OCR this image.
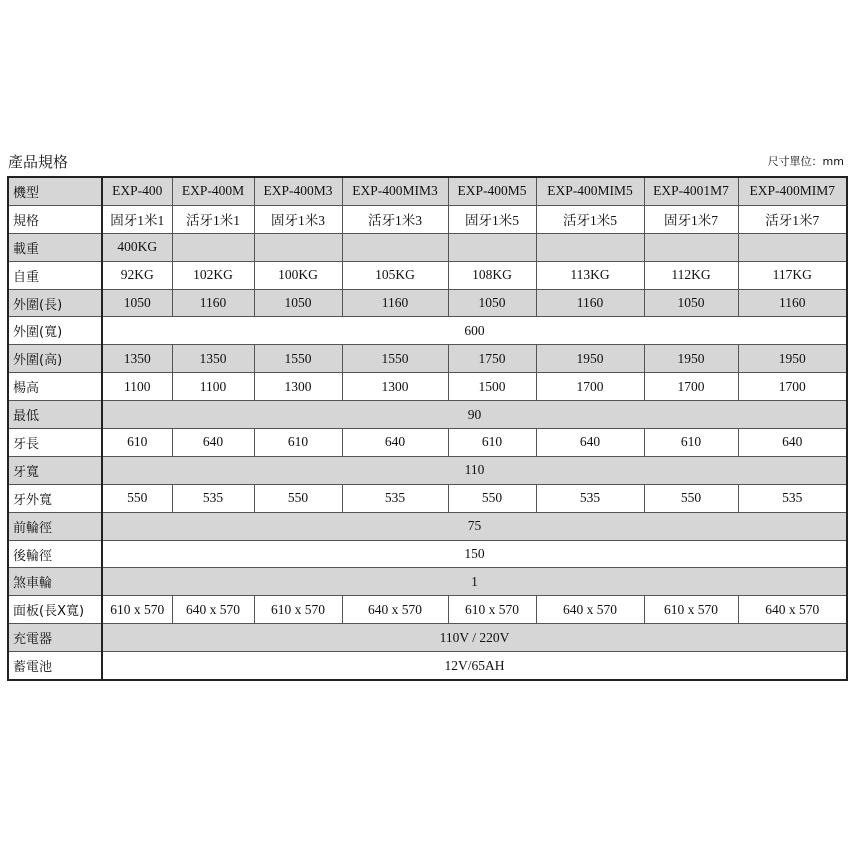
產品規格	尺寸單位：mm
機型	EXP-400	EXP-400M	EXP-400M3	EXP-400MIM3	EXP-400M5	EXP-400MIM5	EXP-4001M7	EXP-400MIM7
規格	固牙1米1	活牙1米1	固牙1米3	活牙1米3	固牙1米5	活牙1米5	固牙1米7	活牙1米7
載重	400KG							
自重	92KG	102KG	100KG	105KG	108KG	113KG	112KG	117KG
外圍(長)	1050	1160	1050	1160	1050	1160	1050	1160
外圍(寬)	600							
外圍(高)	1350	1350	1550	1550	1750	1950	1950	1950
楊高	1100	1100	1300	1300	1500	1700	1700	1700
最低	90							
牙長	610	640	610	640	610	640	610	640
牙寬	110							
牙外寬	550	535	550	535	550	535	550	535
前輪徑	75							
後輪徑	150							
煞車輪	1							
面板(長X寬)	610 x 570	640 x 570	610 x 570	640 x 570	610 x 570	640 x 570	610 x 570	640 x 570
充電器	110V / 220V							
蓄電池	12V/65AH							
